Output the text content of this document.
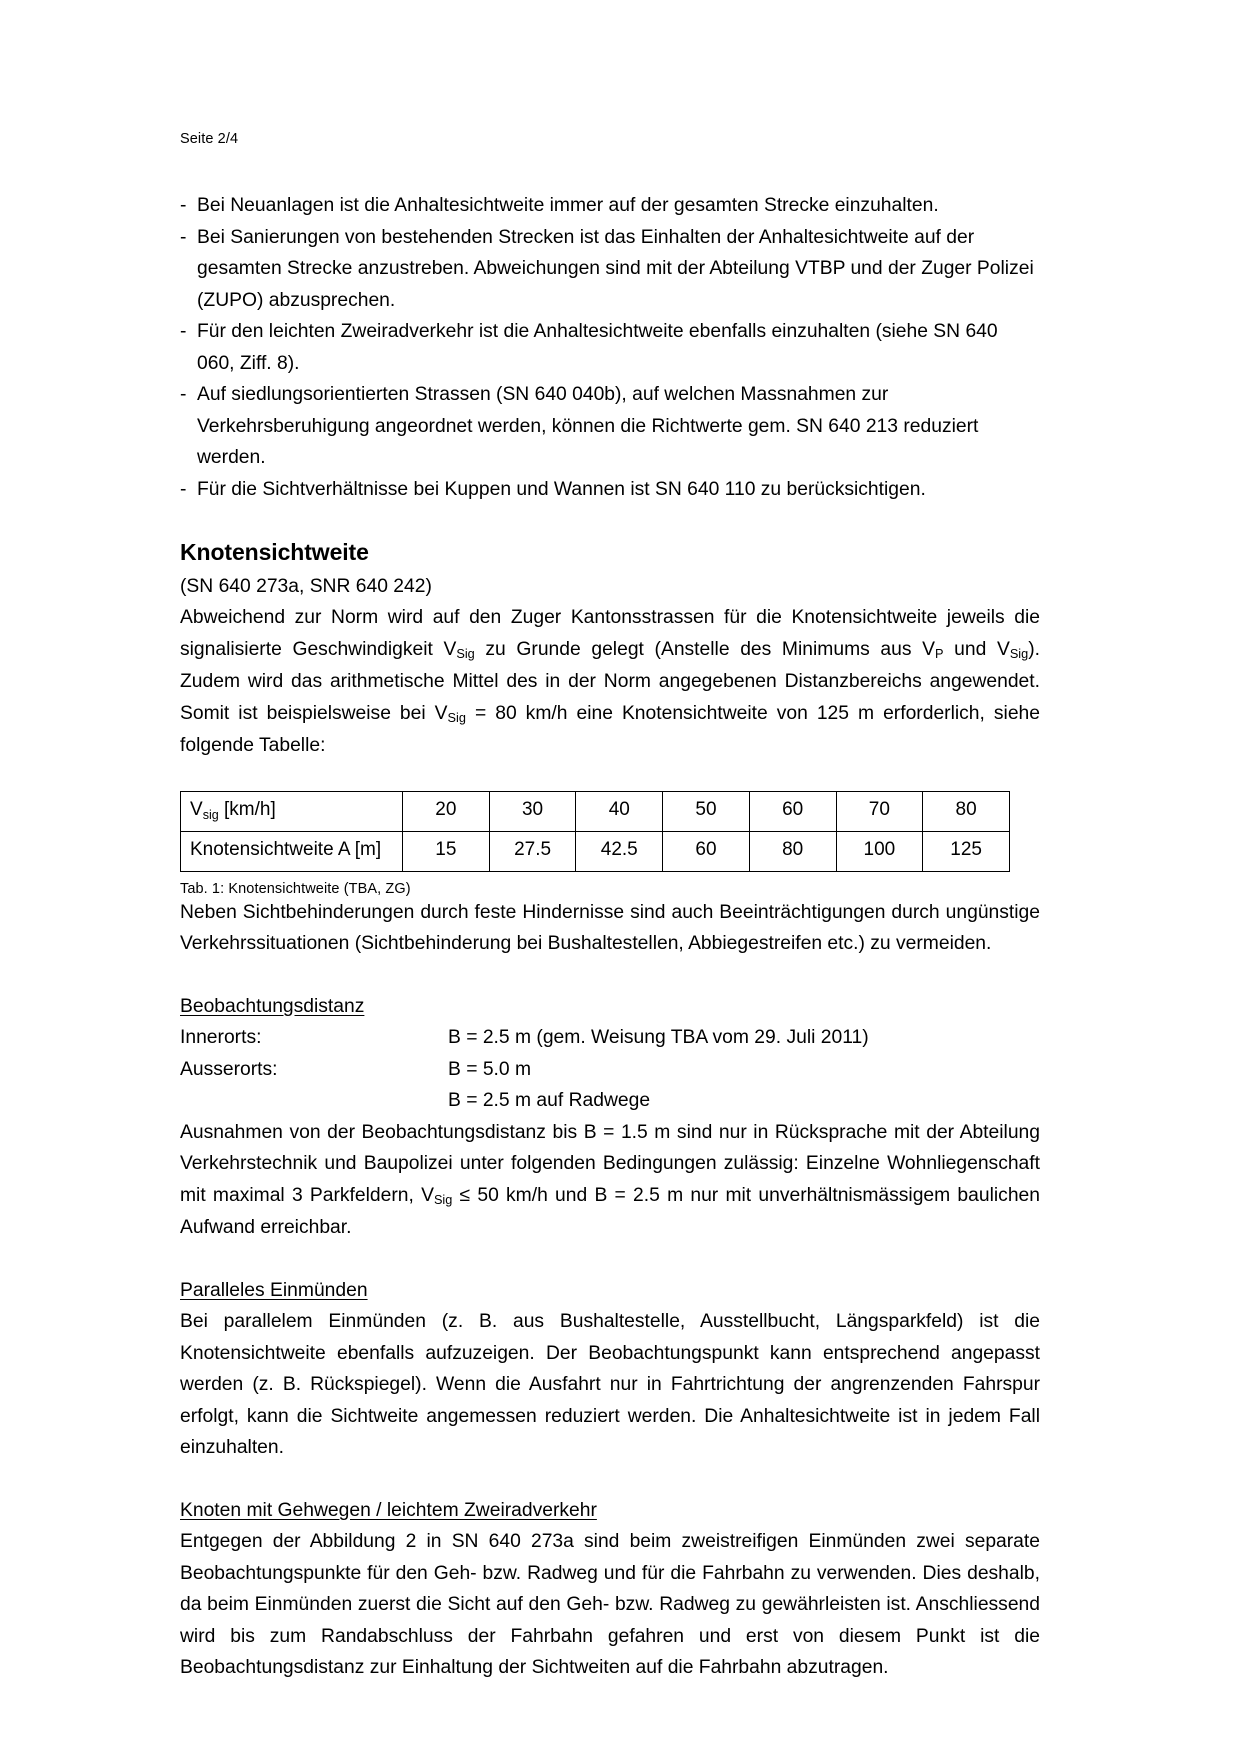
Seite 2/4
- Bei Neuanlagen ist die Anhaltesichtweite immer auf der gesamten Strecke einzuhalten.
- Bei Sanierungen von bestehenden Strecken ist das Einhalten der Anhaltesichtweite auf der gesamten Strecke anzustreben. Abweichungen sind mit der Abteilung VTBP und der Zuger Polizei (ZUPO) abzusprechen.
- Für den leichten Zweiradverkehr ist die Anhaltesichtweite ebenfalls einzuhalten (siehe SN 640 060, Ziff. 8).
- Auf siedlungsorientierten Strassen (SN 640 040b), auf welchen Massnahmen zur Verkehrsberuhigung angeordnet werden, können die Richtwerte gem. SN 640 213 reduziert werden.
- Für die Sichtverhältnisse bei Kuppen und Wannen ist SN 640 110 zu berücksichtigen.
Knotensichtweite
(SN 640 273a, SNR 640 242)

Abweichend zur Norm wird auf den Zuger Kantonsstrassen für die Knotensichtweite jeweils die signalisierte Geschwindigkeit $V_{Sig}$ zu Grunde gelegt (Anstelle des Minimums aus $V_P$ und $V_{Sig}$). Zudem wird das arithmetische Mittel des in der Norm angegebenen Distanzbereichs angewendet. Somit ist beispielsweise bei $V_{Sig} = 80$ km/h eine Knotensichtweite von 125 m erforderlich, siehe folgende Tabelle:

$V_{sig}$ [km/h]	20	30	40	50	60	70	80
Knotensichtweite A [m]	15	27.5	42.5	60	80	100	125
Tab. 1: Knotensichtweite (TBA, ZG)

Neben Sichtbehinderungen durch feste Hindernisse sind auch Beeinträchtigungen durch ungünstige Verkehrssituationen (Sichtbehinderung bei Bushaltestellen, Abbiegestreifen etc.) zu vermeiden.

Beobachtungsdistanz
Innerorts:	B = 2.5 m (gem. Weisung TBA vom 29. Juli 2011)
Ausserorts:	B = 5.0 m
B = 2.5 m auf Radwege

Ausnahmen von der Beobachtungsdistanz bis B = 1.5 m sind nur in Rücksprache mit der Abteilung Verkehrstechnik und Baupolizei unter folgenden Bedingungen zulässig: Einzelne Wohnliegenschaft mit maximal 3 Parkfeldern, $V_{Sig} \le 50$ km/h und B = 2.5 m nur mit unverhältnismässigem baulichen Aufwand erreichbar.

Paralleles Einmünden

Bei parallelem Einmünden (z. B. aus Bushaltestelle, Ausstellbucht, Längsparkfeld) ist die Knotensichtweite ebenfalls aufzuzeigen. Der Beobachtungspunkt kann entsprechend angepasst werden (z. B. Rückspiegel). Wenn die Ausfahrt nur in Fahrtrichtung der angrenzenden Fahrspur erfolgt, kann die Sichtweite angemessen reduziert werden. Die Anhaltesichtweite ist in jedem Fall einzuhalten.

Knoten mit Gehwegen / leichtem Zweiradverkehr

Entgegen der Abbildung 2 in SN 640 273a sind beim zweistreifigen Einmünden zwei separate Beobachtungspunkte für den Geh- bzw. Radweg und für die Fahrbahn zu verwenden. Dies deshalb, da beim Einmünden zuerst die Sicht auf den Geh- bzw. Radweg zu gewährleisten ist. Anschliessend wird bis zum Randabschluss der Fahrbahn gefahren und erst von diesem Punkt ist die Beobachtungsdistanz zur Einhaltung der Sichtweiten auf die Fahrbahn abzutragen.
